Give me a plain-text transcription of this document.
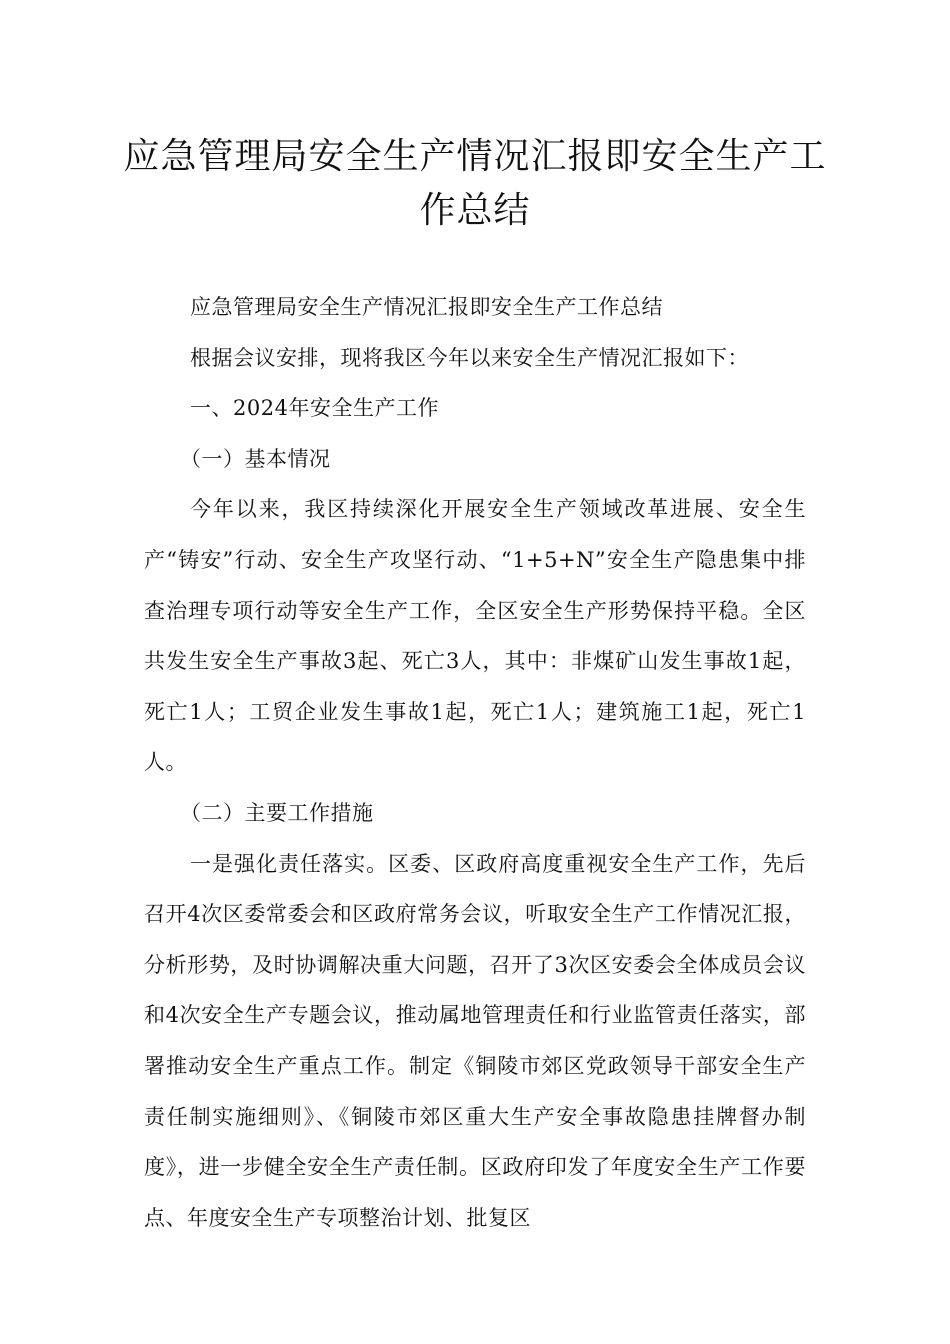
应急管理局安全生产情况汇报即安全生产工作总结

应急管理局安全生产情况汇报即安全生产工作总结

根据会议安排，现将我区今年以来安全生产情况汇报如下：

一、2024年安全生产工作

（一）基本情况

今年以来，我区持续深化开展安全生产领域改革进展、安全生产“铸安”行动、安全生产攻坚行动、“1+5+N”安全生产隐患集中排查治理专项行动等安全生产工作，全区安全生产形势保持平稳。全区共发生安全生产事故3起、死亡3人，其中：非煤矿山发生事故1起，死亡1人；工贸企业发生事故1起，死亡1人；建筑施工1起，死亡1人。

（二）主要工作措施

一是强化责任落实。区委、区政府高度重视安全生产工作，先后召开4次区委常委会和区政府常务会议，听取安全生产工作情况汇报，分析形势，及时协调解决重大问题，召开了3次区安委会全体成员会议和4次安全生产专题会议，推动属地管理责任和行业监管责任落实，部署推动安全生产重点工作。制定《铜陵市郊区党政领导干部安全生产责任制实施细则》、《铜陵市郊区重大生产安全事故隐患挂牌督办制度》，进一步健全安全生产责任制。区政府印发了年度安全生产工作要点、年度安全生产专项整治计划、批复区
